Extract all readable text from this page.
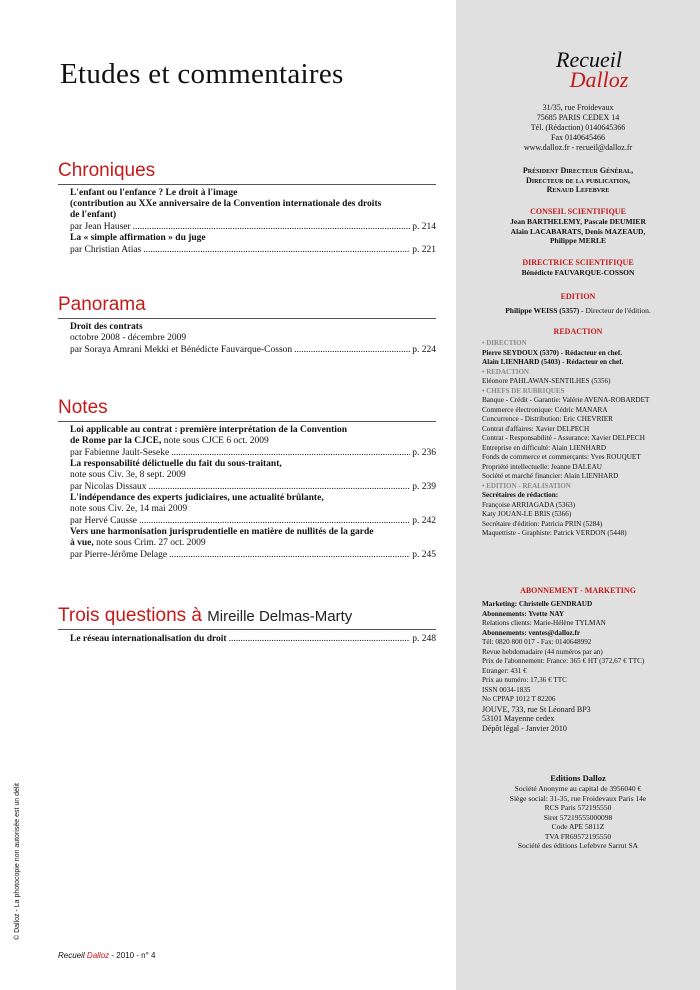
Etudes et commentaires
Chroniques
L'enfant ou l'enfance ? Le droit à l'image
(contribution au XXe anniversaire de la Convention internationale des droits
de l'enfant)
par Jean Hauser .....	p. 214
La « simple affirmation » du juge
par Christian Atias .....	p. 221
Panorama
Droit des contrats
octobre 2008 - décembre 2009
par Soraya Amrani Mekki et Bénédicte Fauvarque-Cosson .....	p. 224
Notes
Loi applicable au contrat : première interprétation de la Convention
de Rome par la CJCE, note sous CJCE 6 oct. 2009
par Fabienne Jault-Seseke .....	p. 236
La responsabilité délictuelle du fait du sous-traitant,
note sous Civ. 3e, 8 sept. 2009
par Nicolas Dissaux .....	p. 239
L'indépendance des experts judiciaires, une actualité brûlante,
note sous Civ. 2e, 14 mai 2009
par Hervé Causse .....	p. 242
Vers une harmonisation jurisprudentielle en matière de nullités de la garde
à vue, note sous Crim. 27 oct. 2009
par Pierre-Jérôme Delage .....	p. 245
Trois questions à Mireille Delmas-Marty
Le réseau internationalisation du droit .....	p. 248
© Dalloz - La photocopie non autorisée est un délit
Recueil Dalloz - 2010 - n° 4
Recueil
Dalloz
31/35, rue Froidevaux
75685 PARIS CEDEX 14
Tél. (Rédaction) 0140645366
Fax 0140645466
www.dalloz.fr - recueil@dalloz.fr
Président Directeur Général,
Directeur de la publication,
Renaud Lefebvre
CONSEIL SCIENTIFIQUE
Jean BARTHELEMY, Pascale DEUMIER
Alain LACABARATS, Denis MAZEAUD,
Philippe MERLE
DIRECTRICE SCIENTIFIQUE
Bénédicte FAUVARQUE-COSSON
EDITION
Philippe WEISS (5357) - Directeur de l'édition.
REDACTION
• DIRECTION
Pierre SEYDOUX (5370) - Rédacteur en chef.
Alain LIENHARD (5403) - Rédacteur en chef.
• REDACTION
Eléonore PAHLAWAN-SENTILHES (5356)
• CHEFS DE RUBRIQUES
Banque - Crédit - Garantie: Valérie AVENA-ROBARDET
Commerce électronique: Cédric MANARA
Concurrence - Distribution: Eric CHEVRIER
Contrat d'affaires: Xavier DELPECH
Contrat - Responsabilité - Assurance: Xavier DELPECH
Entreprise en difficulté: Alain LIENHARD
Fonds de commerce et commerçants: Yves ROUQUET
Propriété intellectuelle: Jeanne DALEAU
Société et marché financier: Alain LIENHARD
• EDITION - REALISATION
Secrétaires de rédaction:
Françoise ARRIAGADA (5363)
Katy JOUAN-LE BRIS (5366)
Secrétaire d'édition: Patricia PRIN (5284)
Maquettiste - Graphiste: Patrick VERDON (5448)
ABONNEMENT - MARKETING
Marketing: Christelle GENDRAUD
Abonnements: Yvette NAY
Relations clients: Marie-Hélène TYLMAN
Abonnements: ventes@dalloz.fr
Tél: 0820 800 017 - Fax: 0140648992
Revue hebdomadaire (44 numéros par an)
Prix de l'abonnement: France: 365 € HT (372,67 € TTC)
Etranger: 431 €
Prix au numéro: 17,36 € TTC
ISSN 0034-1835
No CPPAP 1012 T 82206
JOUVE, 733, rue St Léonard BP3
53101 Mayenne cedex
Dépôt légal - Janvier 2010
Editions Dalloz
Société Anonyme au capital de 3956040 €
Siège social: 31-35, rue Froidevaux Paris 14e
RCS Paris 572195550
Siret 57219555000098
Code APE 5811Z
TVA FR69572195550
Société des éditions Lefebvre Sarrut SA
